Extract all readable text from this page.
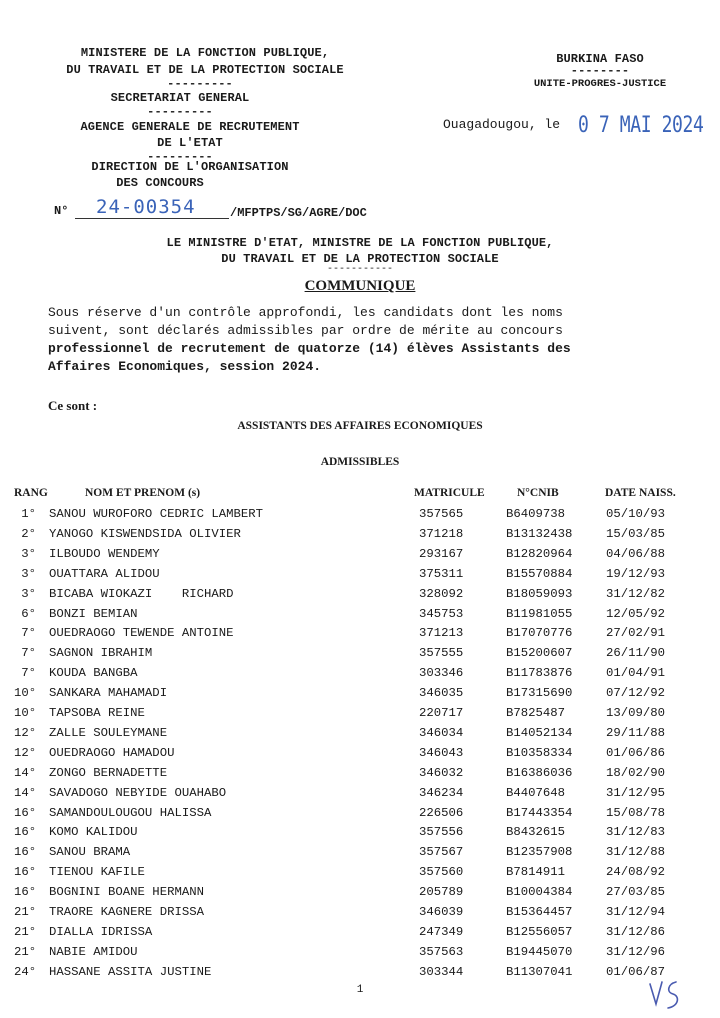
MINISTERE DE LA FONCTION PUBLIQUE,
DU TRAVAIL ET DE LA PROTECTION SOCIALE
---------
SECRETARIAT GENERAL
---------
AGENCE GENERALE DE RECRUTEMENT
DE L'ETAT
---------
DIRECTION DE L'ORGANISATION
DES CONCOURS
BURKINA FASO
--------
UNITE-PROGRES-JUSTICE
Ouagadougou, le 0 7 MAI 2024
N° 24-00354	/MFPTPS/SG/AGRE/DOC
LE MINISTRE D'ETAT, MINISTRE DE LA FONCTION PUBLIQUE,
DU TRAVAIL ET DE LA PROTECTION SOCIALE
-----------
COMMUNIQUE
Sous réserve d'un contrôle approfondi, les candidats dont les noms
suivent, sont déclarés admissibles par ordre de mérite au concours
professionnel de recrutement de quatorze (14) élèves Assistants des
Affaires Economiques, session 2024.
Ce sont :
ASSISTANTS DES AFFAIRES ECONOMIQUES
ADMISSIBLES
RANG	NOM ET PRENOM (s)	MATRICULE	N°CNIB	DATE NAISS.
1° SANOU WUROFORO CEDRIC LAMBERT	357565	B6409738	05/10/93
2° YANOGO KISWENDSIDA OLIVIER	371218	B13132438	15/03/85
3° ILBOUDO WENDEMY	293167	B12820964	04/06/88
3° OUATTARA ALIDOU	375311	B15570884	19/12/93
3° BICABA WIOKAZI    RICHARD	328092	B18059093	31/12/82
6° BONZI BEMIAN	345753	B11981055	12/05/92
7° OUEDRAOGO TEWENDE ANTOINE	371213	B17070776	27/02/91
7° SAGNON IBRAHIM	357555	B15200607	26/11/90
7° KOUDA BANGBA	303346	B11783876	01/04/91
10° SANKARA MAHAMADI	346035	B17315690	07/12/92
10° TAPSOBA REINE	220717	B7825487	13/09/80
12° ZALLE SOULEYMANE	346034	B14052134	29/11/88
12° OUEDRAOGO HAMADOU	346043	B10358334	01/06/86
14° ZONGO BERNADETTE	346032	B16386036	18/02/90
14° SAVADOGO NEBYIDE OUAHABO	346234	B4407648	31/12/95
16° SAMANDOULOUGOU HALISSA	226506	B17443354	15/08/78
16° KOMO KALIDOU	357556	B8432615	31/12/83
16° SANOU BRAMA	357567	B12357908	31/12/88
16° TIENOU KAFILE	357560	B7814911	24/08/92
16° BOGNINI BOANE HERMANN	205789	B10004384	27/03/85
21° TRAORE KAGNERE DRISSA	346039	B15364457	31/12/94
21° DIALLA IDRISSA	247349	B12556057	31/12/86
21° NABIE AMIDOU	357563	B19445070	31/12/96
24° HASSANE ASSITA JUSTINE	303344	B11307041	01/06/87
1
